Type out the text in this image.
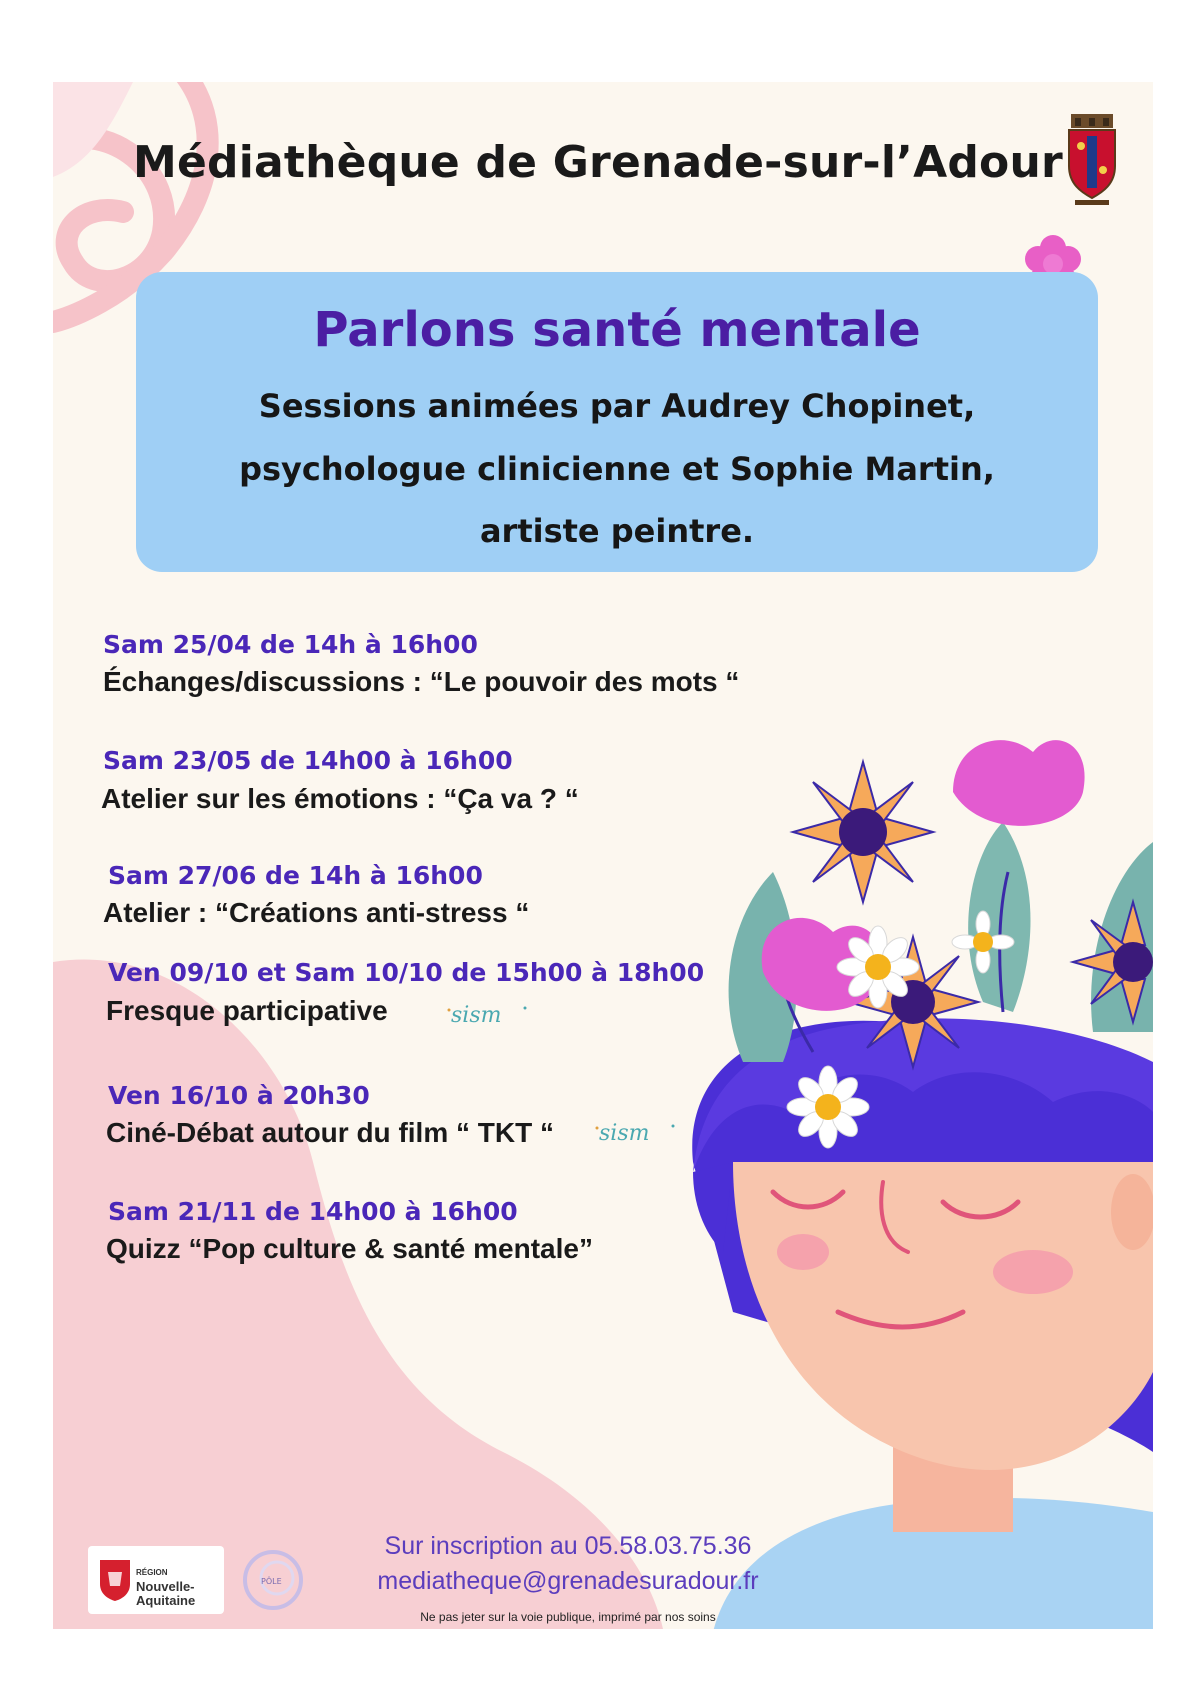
Médiathèque de Grenade-sur-l’Adour
Parlons santé mentale
Sessions animées par Audrey Chopinet,
psychologue clinicienne et Sophie Martin,
artiste peintre.
Sam 25/04 de 14h à 16h00
Échanges/discussions : “Le pouvoir des mots “
Sam 23/05 de 14h00 à 16h00
Atelier sur les émotions : “Ça va ? “
Sam 27/06 de 14h à 16h00
Atelier : “Créations anti-stress “
Ven 09/10 et Sam 10/10 de 15h00 à 18h00
Fresque participative	sism
Ven 16/10 à 20h30
Ciné-Débat autour du film “ TKT “ sism
Sam 21/11 de 14h00 à 16h00
Quizz “Pop culture & santé mentale”
Sur inscription au 05.58.03.75.36
mediatheque@grenadesuradour.fr
Ne pas jeter sur la voie publique, imprimé par nos soins
RÉGION
Nouvelle-
Aquitaine
PÔLE
